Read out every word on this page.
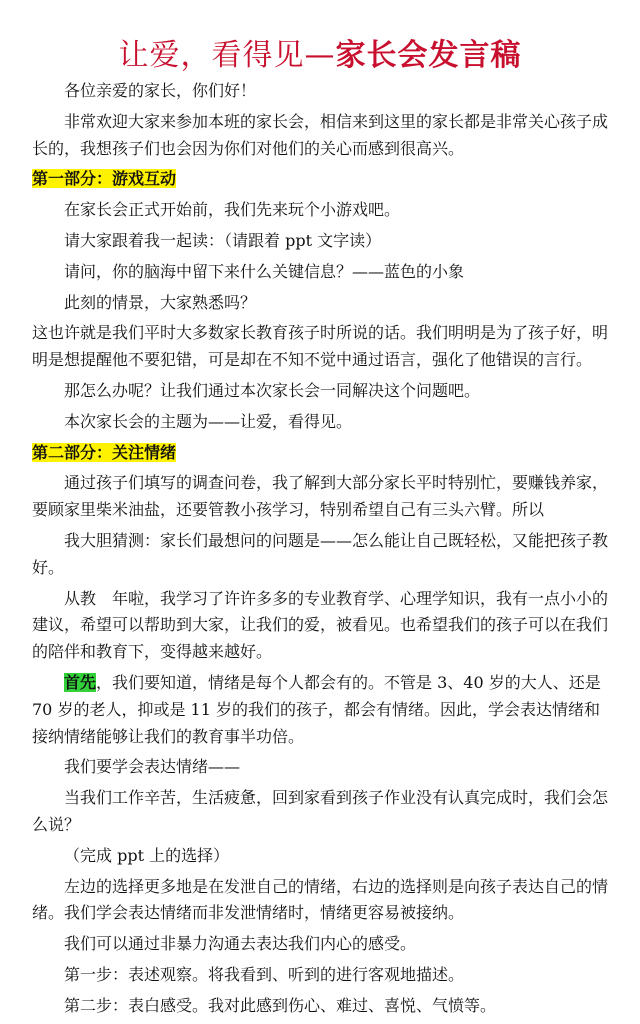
让爱，看得见—家长会发言稿

各位亲爱的家长，你们好！

非常欢迎大家来参加本班的家长会，相信来到这里的家长都是非常关心孩子成长的，我想孩子们也会因为你们对他们的关心而感到很高兴。

第一部分：游戏互动

在家长会正式开始前，我们先来玩个小游戏吧。

请大家跟着我一起读：（请跟着 ppt 文字读）

请问，你的脑海中留下来什么关键信息？——蓝色的小象

此刻的情景，大家熟悉吗？

这也许就是我们平时大多数家长教育孩子时所说的话。我们明明是为了孩子好，明明是想提醒他不要犯错，可是却在不知不觉中通过语言，强化了他错误的言行。

那怎么办呢？让我们通过本次家长会一同解决这个问题吧。

本次家长会的主题为——让爱，看得见。

第二部分：关注情绪

通过孩子们填写的调查问卷，我了解到大部分家长平时特别忙，要赚钱养家，要顾家里柴米油盐，还要管教小孩学习，特别希望自己有三头六臂。所以

我大胆猜测：家长们最想问的问题是——怎么能让自己既轻松，又能把孩子教好。

从教　年啦，我学习了许许多多的专业教育学、心理学知识，我有一点小小的建议，希望可以帮助到大家，让我们的爱，被看见。也希望我们的孩子可以在我们的陪伴和教育下，变得越来越好。

首先，我们要知道，情绪是每个人都会有的。不管是 3、40 岁的大人、还是 70 岁的老人，抑或是 11 岁的我们的孩子，都会有情绪。因此，学会表达情绪和接纳情绪能够让我们的教育事半功倍。

我们要学会表达情绪——

当我们工作辛苦，生活疲惫，回到家看到孩子作业没有认真完成时，我们会怎么说？

（完成 ppt 上的选择）

左边的选择更多地是在发泄自己的情绪，右边的选择则是向孩子表达自己的情绪。我们学会表达情绪而非发泄情绪时，情绪更容易被接纳。

我们可以通过非暴力沟通去表达我们内心的感受。

第一步：表述观察。将我看到、听到的进行客观地描述。

第二步：表白感受。我对此感到伤心、难过、喜悦、气愤等。
